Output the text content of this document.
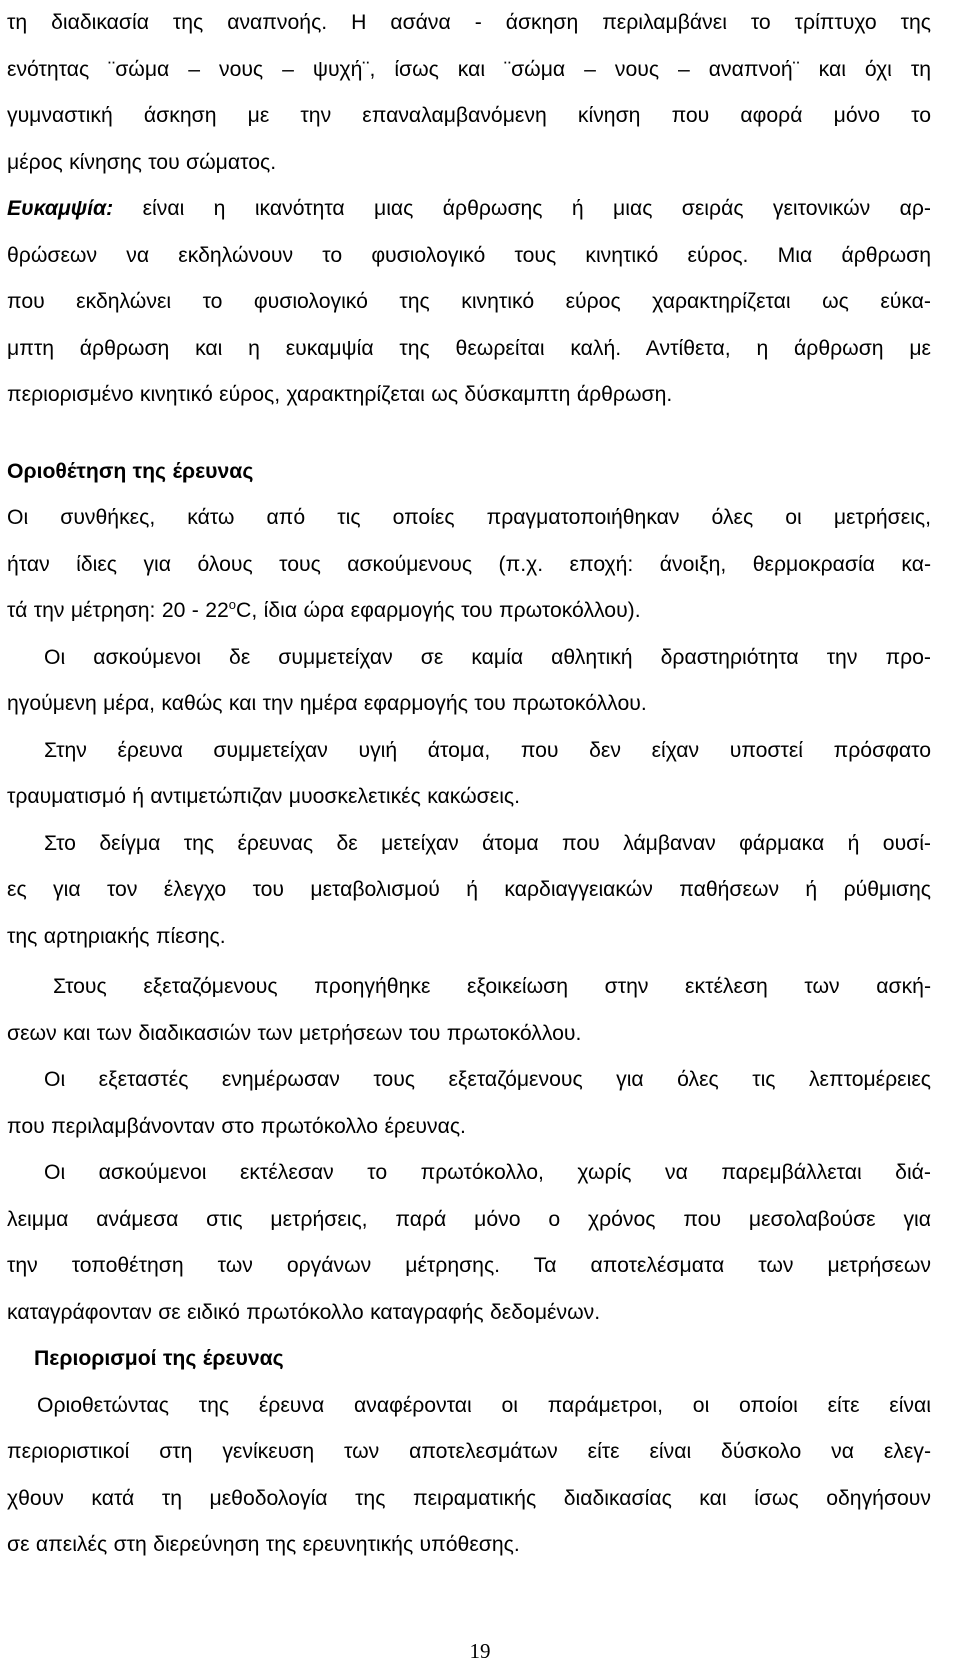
τη διαδικασία της αναπνοής. Η ασάνα - άσκηση περιλαμβάνει το τρίπτυχο της
ενότητας ¨σώμα – νους – ψυχή¨, ίσως και ¨σώμα – νους – αναπνοή¨ και όχι τη
γυμναστική άσκηση με την επαναλαμβανόμενη κίνηση που αφορά μόνο το
μέρος κίνησης του σώματος.
Ευκαμψία: είναι η ικανότητα μιας άρθρωσης ή μιας σειράς γειτονικών αρ-
θρώσεων να εκδηλώνουν το φυσιολογικό τους κινητικό εύρος. Μια άρθρωση
που εκδηλώνει το φυσιολογικό της κινητικό εύρος χαρακτηρίζεται ως εύκα-
μπτη άρθρωση και η ευκαμψία της θεωρείται καλή. Αντίθετα, η άρθρωση με
περιορισμένο κινητικό εύρος, χαρακτηρίζεται ως δύσκαμπτη άρθρωση.
Οριοθέτηση της έρευνας
Οι συνθήκες, κάτω από τις οποίες πραγματοποιήθηκαν όλες οι μετρήσεις,
ήταν ίδιες για όλους τους ασκούμενους (π.χ. εποχή: άνοιξη, θερμοκρασία κα-
τά την μέτρηση: $20 - 22^oC$, ίδια ώρα εφαρμογής του πρωτοκόλλου).
Οι ασκούμενοι δε συμμετείχαν σε καμία αθλητική δραστηριότητα την προ-
ηγούμενη μέρα, καθώς και την ημέρα εφαρμογής του πρωτοκόλλου.
Στην έρευνα συμμετείχαν υγιή άτομα, που δεν είχαν υποστεί πρόσφατο
τραυματισμό ή αντιμετώπιζαν μυοσκελετικές κακώσεις.
Στο δείγμα της έρευνας δε μετείχαν άτομα που λάμβαναν φάρμακα ή ουσί-
ες για τον έλεγχο του μεταβολισμού ή καρδιαγγειακών παθήσεων ή ρύθμισης
της αρτηριακής πίεσης.
Στους εξεταζόμενους προηγήθηκε εξοικείωση στην εκτέλεση των ασκή-
σεων και των διαδικασιών των μετρήσεων του πρωτοκόλλου.
Οι εξεταστές ενημέρωσαν τους εξεταζόμενους για όλες τις λεπτομέρειες
που περιλαμβάνονταν στο πρωτόκολλο έρευνας.
Οι ασκούμενοι εκτέλεσαν το πρωτόκολλο, χωρίς να παρεμβάλλεται διά-
λειμμα ανάμεσα στις μετρήσεις, παρά μόνο ο χρόνος που μεσολαβούσε για
την τοποθέτηση των οργάνων μέτρησης. Τα αποτελέσματα των μετρήσεων
καταγράφονταν σε ειδικό πρωτόκολλο καταγραφής δεδομένων.
Περιορισμοί της έρευνας
Οριοθετώντας της έρευνα αναφέρονται οι παράμετροι, οι οποίοι είτε είναι
περιοριστικοί στη γενίκευση των αποτελεσμάτων είτε είναι δύσκολο να ελεγ-
χθουν κατά τη μεθοδολογία της πειραματικής διαδικασίας και ίσως οδηγήσουν
σε απειλές στη διερεύνηση της ερευνητικής υπόθεσης.
19
